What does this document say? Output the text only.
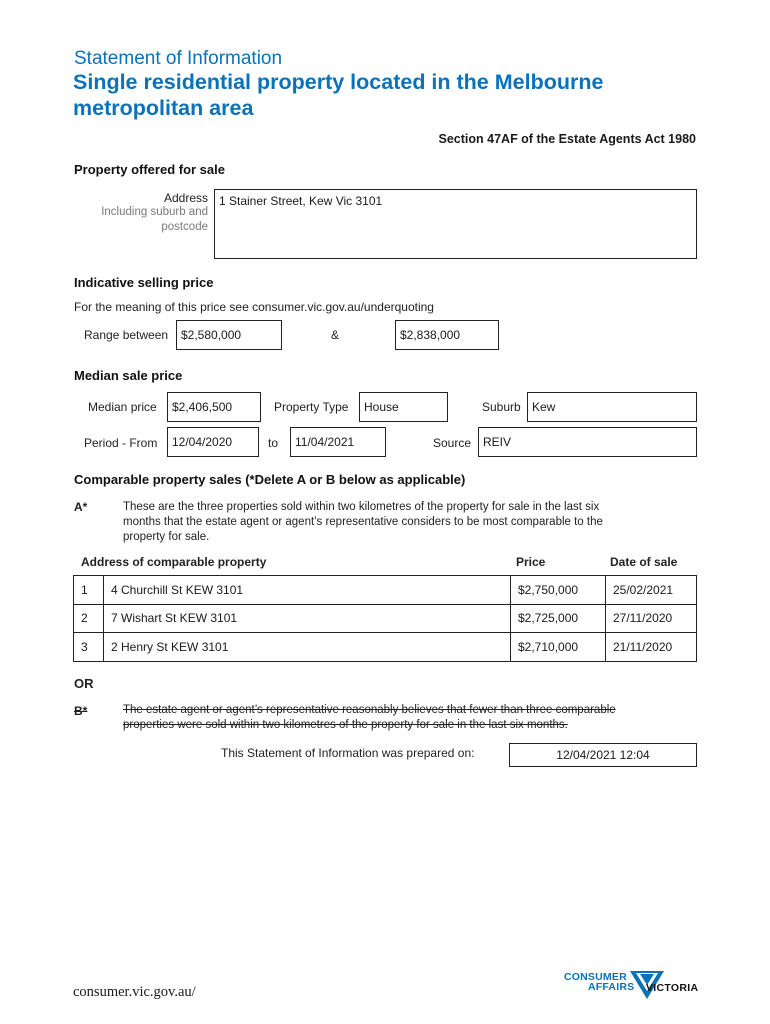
Statement of Information
Single residential property located in the Melbourne
metropolitan area
Section 47AF of the Estate Agents Act 1980
Property offered for sale
Address
Including suburb and
postcode
1 Stainer Street, Kew Vic 3101
Indicative selling price
For the meaning of this price see consumer.vic.gov.au/underquoting
Range between	$2,580,000	&	$2,838,000
Median sale price
Median price	$2,406,500	Property Type	House	Suburb Kew
Period - From	12/04/2020	to	11/04/2021	Source REIV
Comparable property sales (*Delete A or B below as applicable)
A*	These are the three properties sold within two kilometres of the property for sale in the last six
months that the estate agent or agent’s representative considers to be most comparable to the
property for sale.
Address of comparable property	Price	Date of sale
1	4 Churchill St KEW 3101	$2,750,000	25/02/2021
2	7 Wishart St KEW 3101	$2,725,000	27/11/2020
3	2 Henry St KEW 3101	$2,710,000	21/11/2020
OR
B*	The estate agent or agent’s representative reasonably believes that fewer than three comparable
properties were sold within two kilometres of the property for sale in the last six months.
This Statement of Information was prepared on:	12/04/2021 12:04
consumer.vic.gov.au/
CONSUMER
AFFAIRS VICTORIA
